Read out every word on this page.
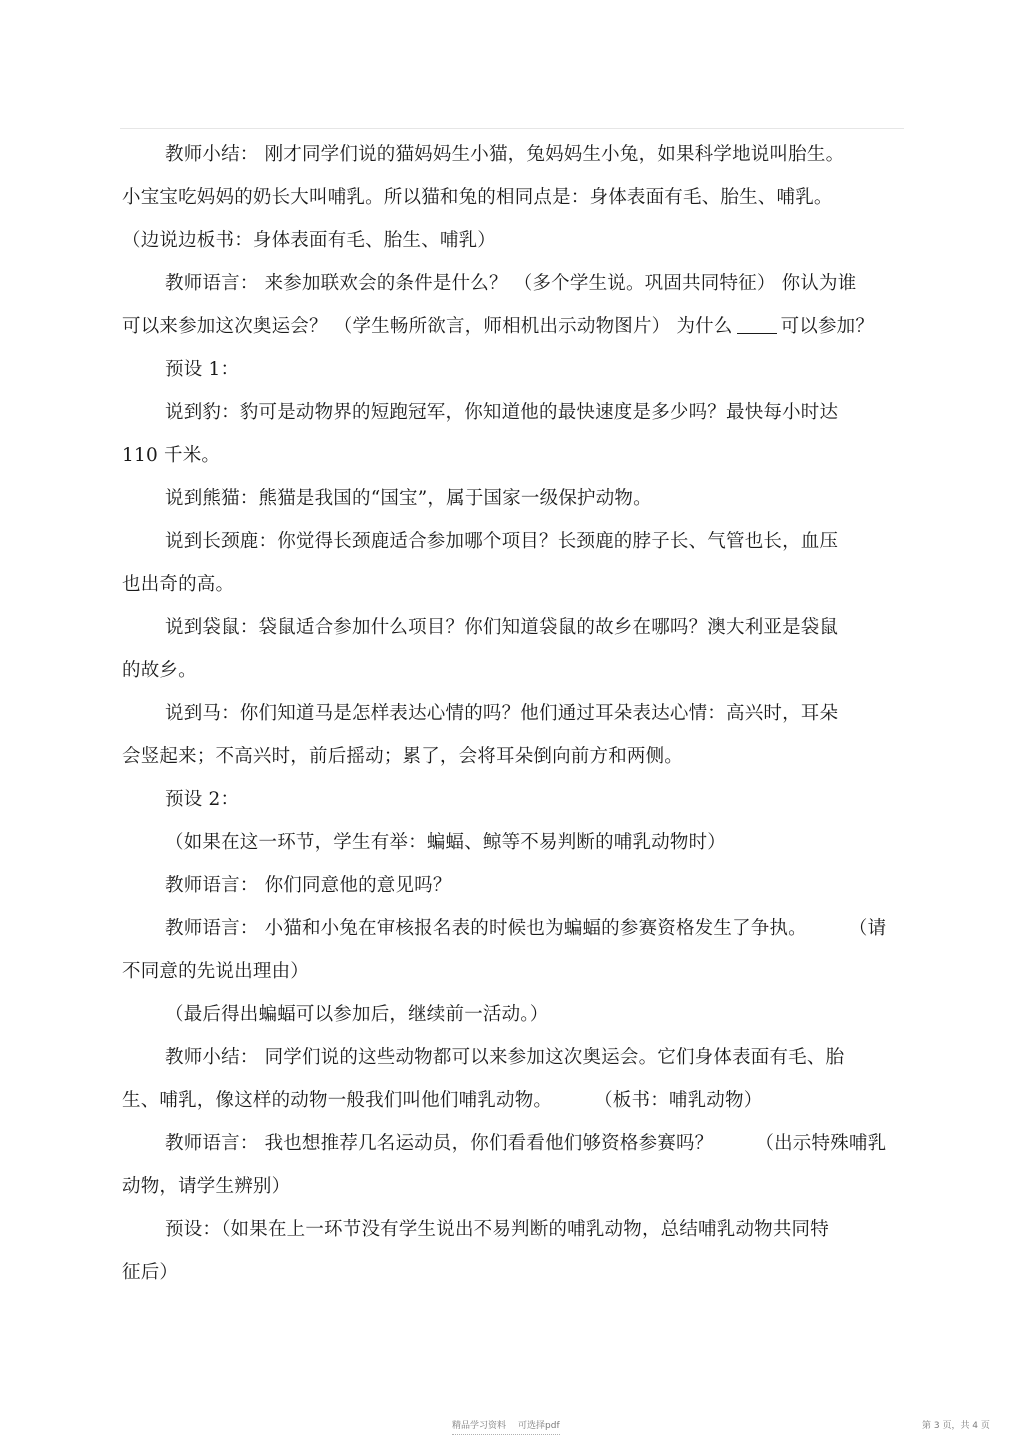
教师小结： 刚才同学们说的猫妈妈生小猫，兔妈妈生小兔，如果科学地说叫胎生。
小宝宝吃妈妈的奶长大叫哺乳。所以猫和兔的相同点是：身体表面有毛、胎生、哺乳。
（边说边板书：身体表面有毛、胎生、哺乳）
教师语言： 来参加联欢会的条件是什么？ （多个学生说。巩固共同特征） 你认为谁
可以来参加这次奥运会？ （学生畅所欲言，师相机出示动物图片） 为什么	可以参加？
预设 1：
说到豹：豹可是动物界的短跑冠军，你知道他的最快速度是多少吗？最快每小时达
110 千米。
说到熊猫：熊猫是我国的“国宝”，属于国家一级保护动物。
说到长颈鹿：你觉得长颈鹿适合参加哪个项目？长颈鹿的脖子长、气管也长，血压
也出奇的高。
说到袋鼠：袋鼠适合参加什么项目？你们知道袋鼠的故乡在哪吗？澳大利亚是袋鼠
的故乡。
说到马：你们知道马是怎样表达心情的吗？他们通过耳朵表达心情：高兴时，耳朵
会竖起来；不高兴时，前后摇动；累了，会将耳朵倒向前方和两侧。
预设 2：
（如果在这一环节，学生有举：蝙蝠、鲸等不易判断的哺乳动物时）
教师语言： 你们同意他的意见吗？
教师语言： 小猫和小兔在审核报名表的时候也为蝙蝠的参赛资格发生了争执。 （请
不同意的先说出理由）
（最后得出蝙蝠可以参加后，继续前一活动。）
教师小结： 同学们说的这些动物都可以来参加这次奥运会。它们身体表面有毛、胎
生、哺乳，像这样的动物一般我们叫他们哺乳动物。 （板书：哺乳动物）
教师语言： 我也想推荐几名运动员，你们看看他们够资格参赛吗？ （出示特殊哺乳
动物，请学生辨别）
预设：（如果在上一环节没有学生说出不易判断的哺乳动物，总结哺乳动物共同特
征后）
精品学习资料 可选择pdf	第 3 页，共 4 页
